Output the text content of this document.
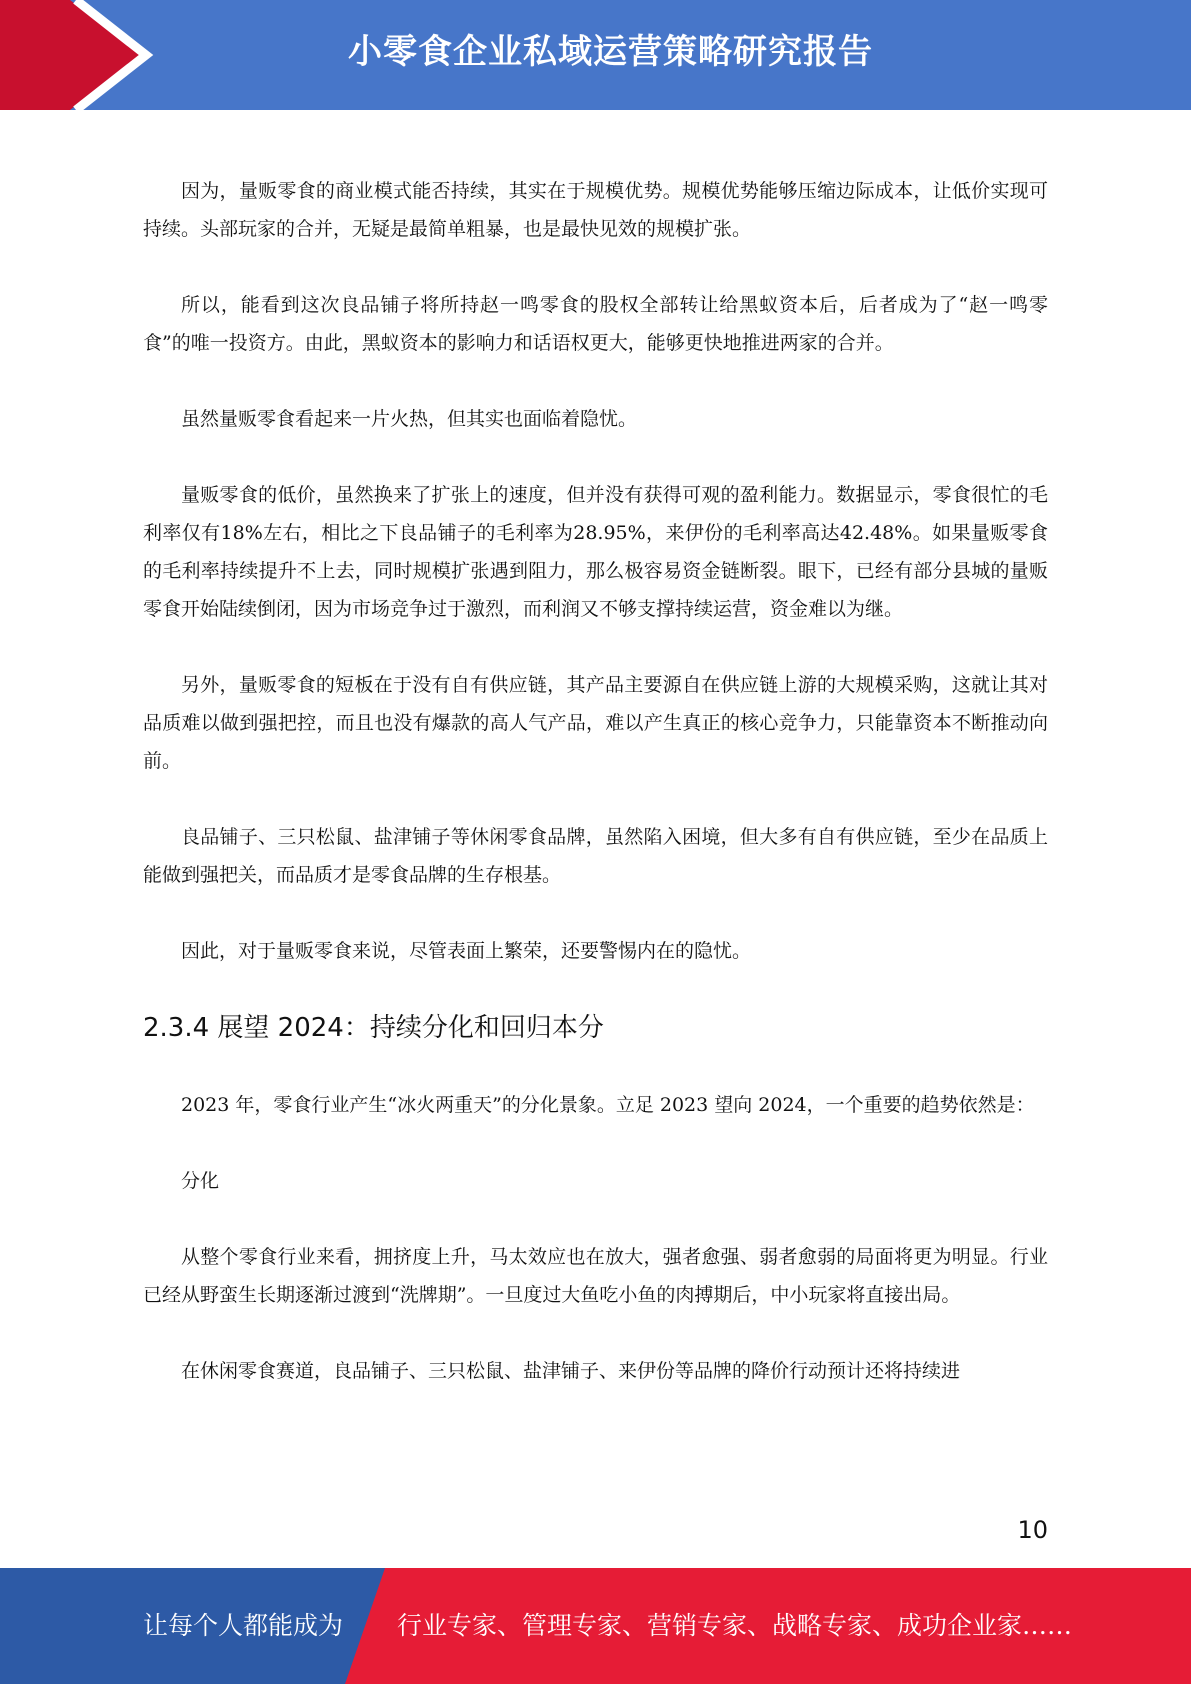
小零食企业私域运营策略研究报告

因为，量贩零食的商业模式能否持续，其实在于规模优势。规模优势能够压缩边际成本，让低价实现可持续。头部玩家的合并，无疑是最简单粗暴，也是最快见效的规模扩张。

所以，能看到这次良品铺子将所持赵一鸣零食的股权全部转让给黑蚁资本后，后者成为了“赵一鸣零食”的唯一投资方。由此，黑蚁资本的影响力和话语权更大，能够更快地推进两家的合并。

虽然量贩零食看起来一片火热，但其实也面临着隐忧。

量贩零食的低价，虽然换来了扩张上的速度，但并没有获得可观的盈利能力。数据显示，零食很忙的毛利率仅有18%左右，相比之下良品铺子的毛利率为28.95%，来伊份的毛利率高达42.48%。如果量贩零食的毛利率持续提升不上去，同时规模扩张遇到阻力，那么极容易资金链断裂。眼下，已经有部分县城的量贩零食开始陆续倒闭，因为市场竞争过于激烈，而利润又不够支撑持续运营，资金难以为继。

另外，量贩零食的短板在于没有自有供应链，其产品主要源自在供应链上游的大规模采购，这就让其对品质难以做到强把控，而且也没有爆款的高人气产品，难以产生真正的核心竞争力，只能靠资本不断推动向前。

良品铺子、三只松鼠、盐津铺子等休闲零食品牌，虽然陷入困境，但大多有自有供应链，至少在品质上能做到强把关，而品质才是零食品牌的生存根基。

因此，对于量贩零食来说，尽管表面上繁荣，还要警惕内在的隐忧。

2.3.4 展望 2024：持续分化和回归本分

2023 年，零食行业产生“冰火两重天”的分化景象。立足 2023 望向 2024，一个重要的趋势依然是：

分化

从整个零食行业来看，拥挤度上升，马太效应也在放大，强者愈强、弱者愈弱的局面将更为明显。行业已经从野蛮生长期逐渐过渡到“洗牌期”。一旦度过大鱼吃小鱼的肉搏期后，中小玩家将直接出局。

在休闲零食赛道，良品铺子、三只松鼠、盐津铺子、来伊份等品牌的降价行动预计还将持续进

10
让每个人都能成为 行业专家、管理专家、营销专家、战略专家、成功企业家……
